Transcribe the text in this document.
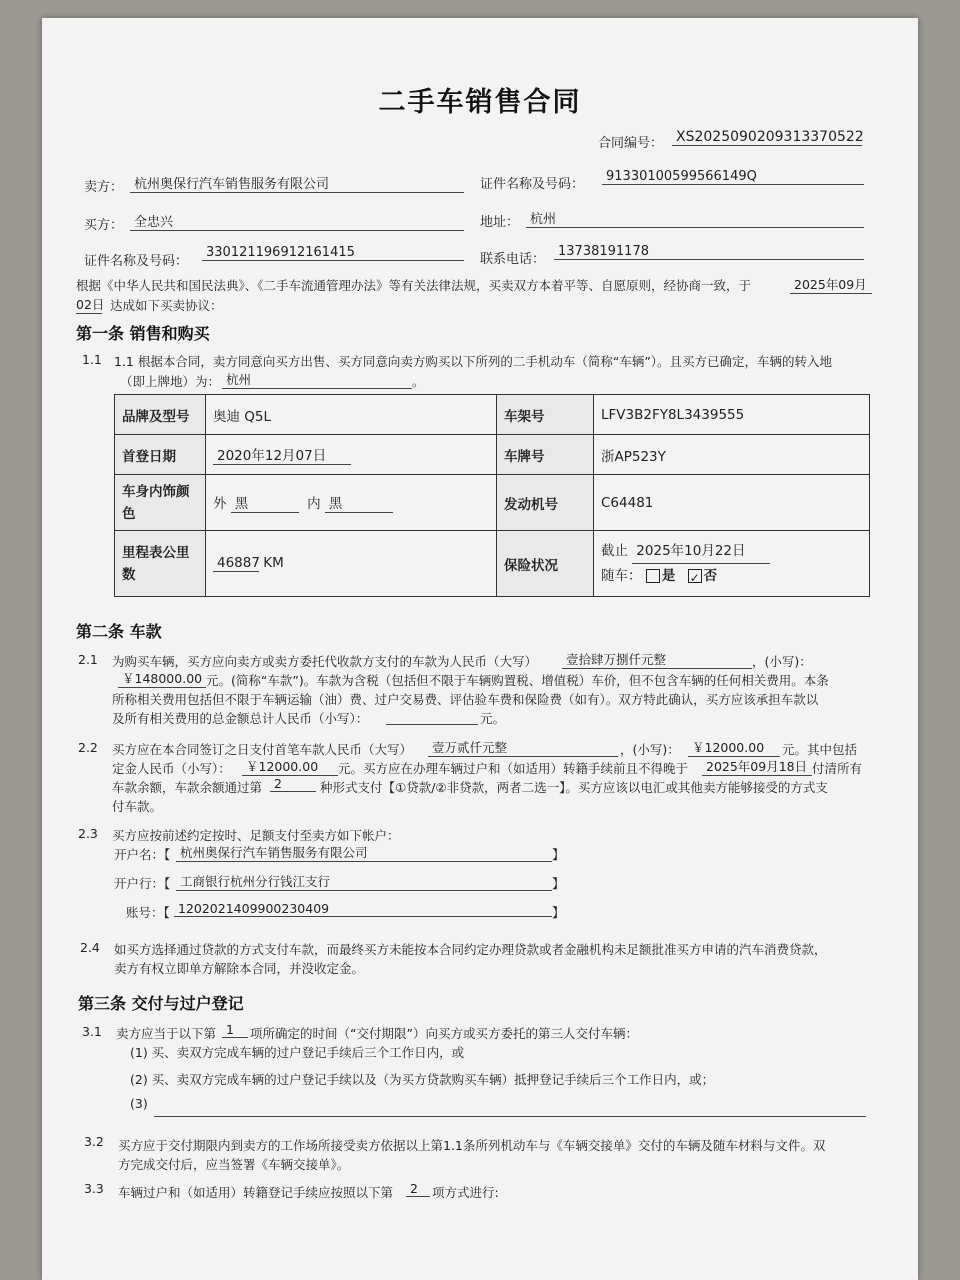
二手车销售合同
合同编号： XS2025090209313370522
卖方： 杭州奥保行汽车销售服务有限公司	证件名称及号码：
91330100599566149Q
买方： 全忠兴	地址： 杭州
证件名称及号码：
330121196912161415	联系电话：
13738191178
根据《中华人民共和国民法典》、《二手车流通管理办法》等有关法律法规，买卖双方本着平等、自愿原则，经协商一致，于	2025年09月
02日 达成如下买卖协议：
第一条 销售和购买
1.1 1.1 根据本合同，卖方同意向买方出售、买方同意向卖方购买以下所列的二手机动车（简称“车辆”）。且买方已确定，车辆的转入地
（即上牌地）为： 杭州	。
品牌及型号	奥迪 Q5L	车架号	LFV3B2FY8L3439555
首登日期	2020年12月07日	车牌号	浙AP523Y
车身内饰颜色	外 黑 内 黑	发动机号	C64481
里程表公里数	46887 KM	保险状况	截止 2025年10月22日
随车： 是 ✓ 否
第二条 车款
2.1 为购买车辆，买方应向卖方或卖方委托代收款方支付的车款为人民币（大写）	壹拾肆万捌仟元整	，(小写)：
￥148000.00 元。(简称“车款”)。车款为含税（包括但不限于车辆购置税、增值税）车价，但不包含车辆的任何相关费用。本条
所称相关费用包括但不限于车辆运输（油）费、过户交易费、评估验车费和保险费（如有）。双方特此确认，买方应该承担车款以
及所有相关费用的总金额总计人民币（小写）：	元。
2.2 买方应在本合同签订之日支付首笔车款人民币（大写）	壹万贰仟元整	，(小写)： ￥12000.00	元。其中包括
定金人民币（小写）：	￥12000.00	元。买方应在办理车辆过户和（如适用）转籍手续前且不得晚于	2025年09月18日 付清所有
车款余额，车款余额通过第 2	种形式支付【①贷款/②非贷款，两者二选一】。买方应该以电汇或其他卖方能够接受的方式支
付车款。
2.3 买方应按前述约定按时、足额支付至卖方如下帐户：
开户名：【 杭州奥保行汽车销售服务有限公司	】
开户行：【 工商银行杭州分行钱江支行	】
账号：【 1202021409900230409	】
2.4 如买方选择通过贷款的方式支付车款，而最终买方未能按本合同约定办理贷款或者金融机构未足额批准买方申请的汽车消费贷款，
卖方有权立即单方解除本合同，并没收定金。
第三条 交付与过户登记
3.1 卖方应当于以下第 1	项所确定的时间（“交付期限”）向买方或买方委托的第三人交付车辆：
(1) 买、卖双方完成车辆的过户登记手续后三个工作日内，或
(2) 买、卖双方完成车辆的过户登记手续以及（为买方贷款购买车辆）抵押登记手续后三个工作日内，或；
(3)
3.2 买方应于交付期限内到卖方的工作场所接受卖方依据以上第1.1条所列机动车与《车辆交接单》交付的车辆及随车材料与文件。双
方完成交付后，应当签署《车辆交接单》。
3.3 车辆过户和（如适用）转籍登记手续应按照以下第	2	项方式进行:
